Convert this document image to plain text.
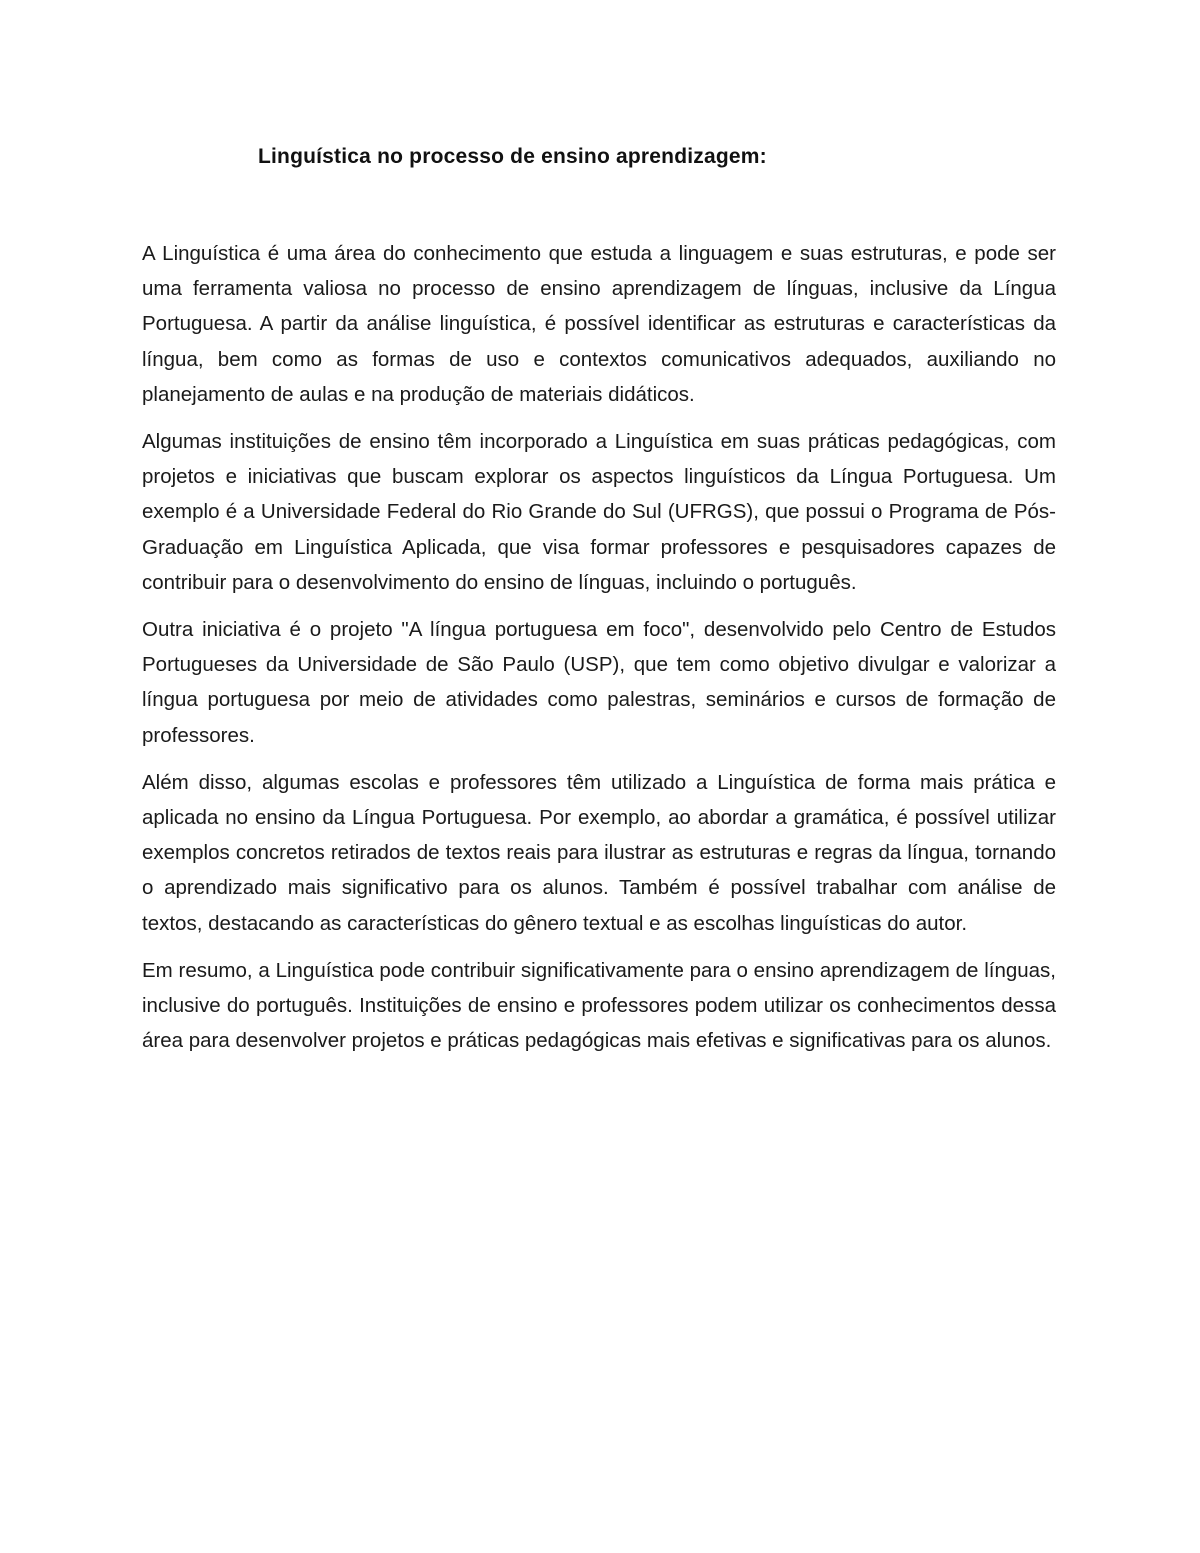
Linguística no processo de ensino aprendizagem:

A Linguística é uma área do conhecimento que estuda a linguagem e suas estruturas, e pode ser uma ferramenta valiosa no processo de ensino aprendizagem de línguas, inclusive da Língua Portuguesa. A partir da análise linguística, é possível identificar as estruturas e características da língua, bem como as formas de uso e contextos comunicativos adequados, auxiliando no planejamento de aulas e na produção de materiais didáticos.

Algumas instituições de ensino têm incorporado a Linguística em suas práticas pedagógicas, com projetos e iniciativas que buscam explorar os aspectos linguísticos da Língua Portuguesa. Um exemplo é a Universidade Federal do Rio Grande do Sul (UFRGS), que possui o Programa de Pós-Graduação em Linguística Aplicada, que visa formar professores e pesquisadores capazes de contribuir para o desenvolvimento do ensino de línguas, incluindo o português.

Outra iniciativa é o projeto "A língua portuguesa em foco", desenvolvido pelo Centro de Estudos Portugueses da Universidade de São Paulo (USP), que tem como objetivo divulgar e valorizar a língua portuguesa por meio de atividades como palestras, seminários e cursos de formação de professores.

Além disso, algumas escolas e professores têm utilizado a Linguística de forma mais prática e aplicada no ensino da Língua Portuguesa. Por exemplo, ao abordar a gramática, é possível utilizar exemplos concretos retirados de textos reais para ilustrar as estruturas e regras da língua, tornando o aprendizado mais significativo para os alunos. Também é possível trabalhar com análise de textos, destacando as características do gênero textual e as escolhas linguísticas do autor.

Em resumo, a Linguística pode contribuir significativamente para o ensino aprendizagem de línguas, inclusive do português. Instituições de ensino e professores podem utilizar os conhecimentos dessa área para desenvolver projetos e práticas pedagógicas mais efetivas e significativas para os alunos.
